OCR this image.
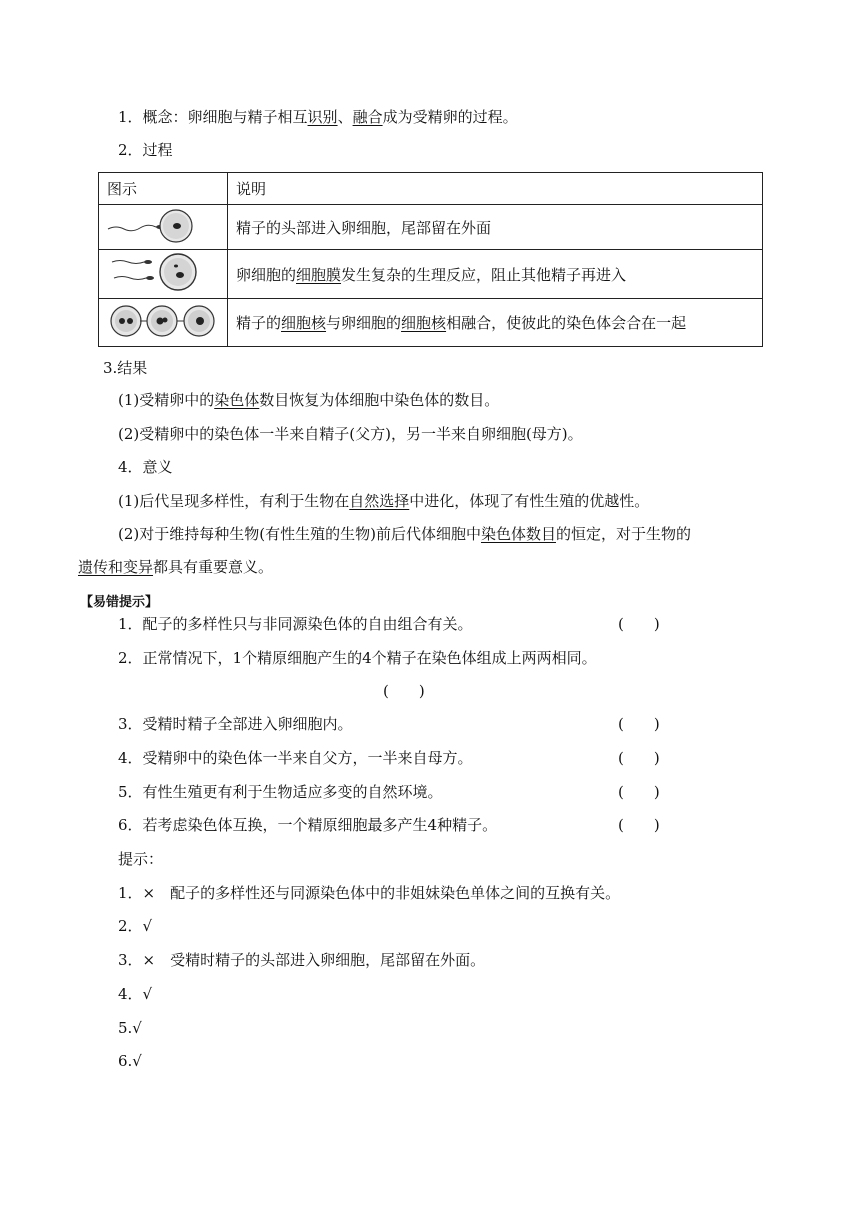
1．概念：卵细胞与精子相互识别、融合成为受精卵的过程。
2．过程
图示	说明
	精子的头部进入卵细胞，尾部留在外面
	卵细胞的细胞膜发生复杂的生理反应，阻止其他精子再进入
	精子的细胞核与卵细胞的细胞核相融合，使彼此的染色体会合在一起
3.结果
(1)受精卵中的染色体数目恢复为体细胞中染色体的数目。
(2)受精卵中的染色体一半来自精子(父方)，另一半来自卵细胞(母方)。
4．意义
(1)后代呈现多样性，有利于生物在自然选择中进化，体现了有性生殖的优越性。
(2)对于维持每种生物(有性生殖的生物)前后代体细胞中染色体数目的恒定，对于生物的
遗传和变异都具有重要意义。
【易错提示】
1．配子的多样性只与非同源染色体的自由组合有关。	(　　)
2．正常情况下，1个精原细胞产生的4个精子在染色体组成上两两相同。
(　　)
3．受精时精子全部进入卵细胞内。	(　　)
4．受精卵中的染色体一半来自父方，一半来自母方。	(　　)
5．有性生殖更有利于生物适应多变的自然环境。	(　　)
6．若考虑染色体互换，一个精原细胞最多产生4种精子。	(　　)
提示：
1．×　配子的多样性还与同源染色体中的非姐妹染色单体之间的互换有关。
2．√
3．×　受精时精子的头部进入卵细胞，尾部留在外面。
4．√
5.√
6.√
